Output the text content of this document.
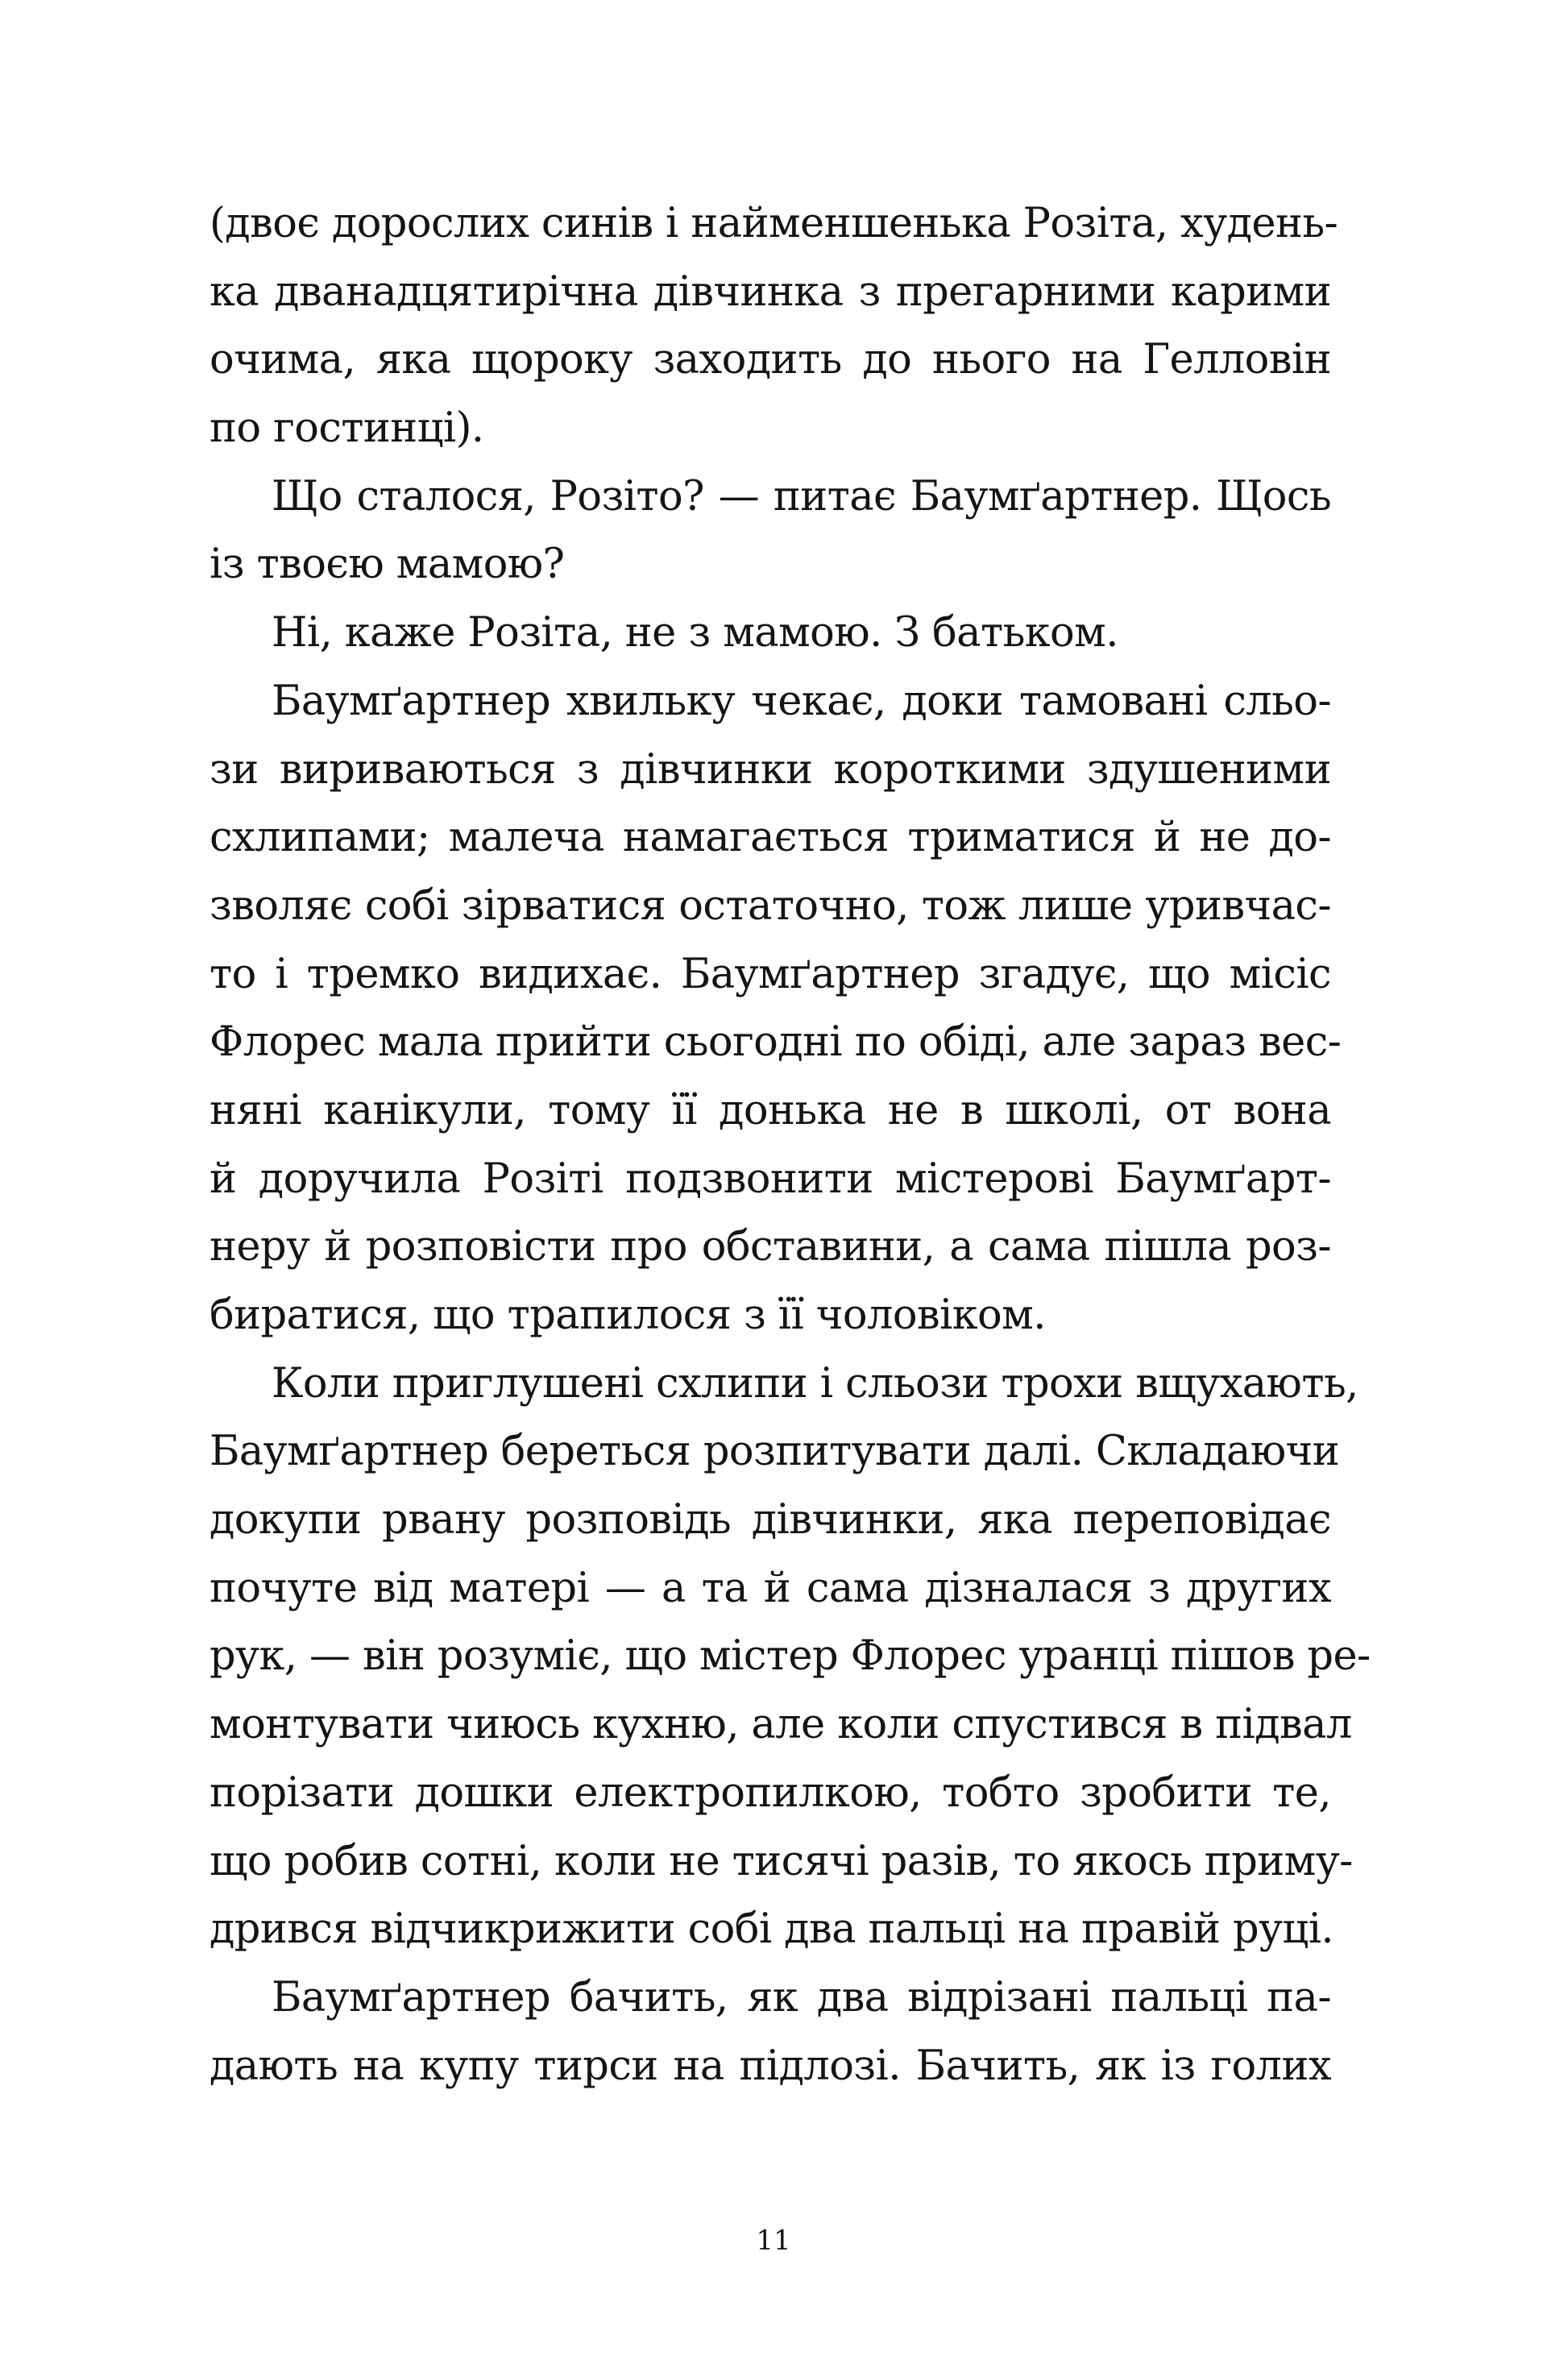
(двоє дорослих синів і найменшенька Розіта, худень-
ка дванадцятирічна дівчинка з прегарними карими
очима, яка щороку заходить до нього на Гелловін
по гостинці).
Що сталося, Розіто? — питає Баумґартнер. Щось
із твоєю мамою?
Ні, каже Розіта, не з мамою. З батьком.
Баумґартнер хвильку чекає, доки тамовані сльо-
зи вириваються з дівчинки короткими здушеними
схлипами; малеча намагається триматися й не до-
зволяє собі зірватися остаточно, тож лише уривчас-
то і тремко видихає. Баумґартнер згадує, що місіс
Флорес мала прийти сьогодні по обіді, але зараз вес-
няні канікули, тому її донька не в школі, от вона
й доручила Розіті подзвонити містерові Баумґарт-
неру й розповісти про обставини, а сама пішла роз-
биратися, що трапилося з її чоловіком.
Коли приглушені схлипи і сльози трохи вщухають,
Баумґартнер береться розпитувати далі. Складаючи
докупи рвану розповідь дівчинки, яка переповідає
почуте від матері — а та й сама дізналася з других
рук, — він розуміє, що містер Флорес уранці пішов ре-
монтувати чиюсь кухню, але коли спустився в підвал
порізати дошки електропилкою, тобто зробити те,
що робив сотні, коли не тисячі разів, то якось приму-
дрився відчикрижити собі два пальці на правій руці.
Баумґартнер бачить, як два відрізані пальці па-
дають на купу тирси на підлозі. Бачить, як із голих
11
